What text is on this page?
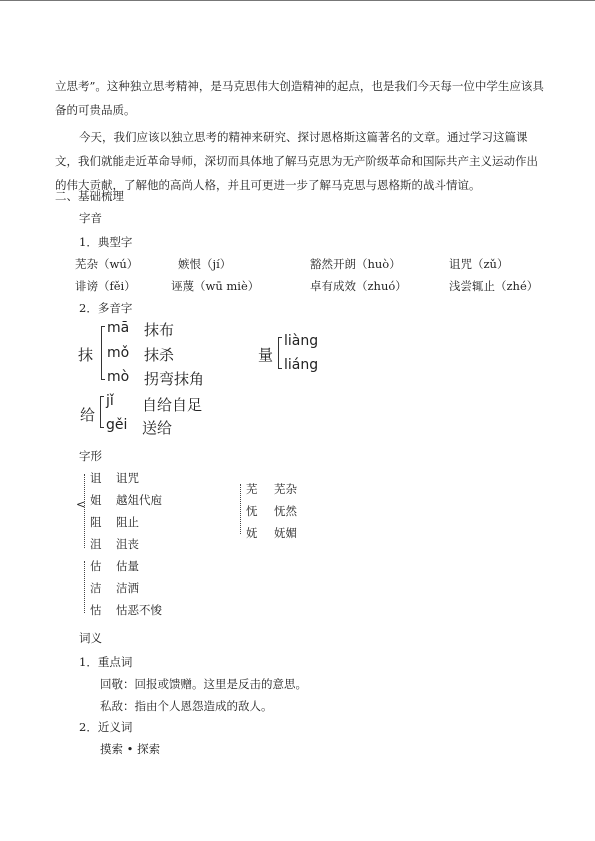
立思考”。这种独立思考精神，是马克思伟大创造精神的起点，也是我们今天每一位中学生应该具备的可贵品质。

今天，我们应该以独立思考的精神来研究、探讨恩格斯这篇著名的文章。通过学习这篇课文，我们就能走近革命导师，深切而具体地了解马克思为无产阶级革命和国际共产主义运动作出的伟大贡献，了解他的高尚人格，并且可更进一步了解马克思与恩格斯的战斗情谊。

二、基础梳理
字音
1．典型字
芜杂（wú）	嫉恨（jí）	豁然开朗（huò）	诅咒（zǔ）
诽谤（fěi）	诬蔑（wū miè）	卓有成效（zhuó）	浅尝辄止（zhé）
2．多音字
抹
mā 抹布
mǒ 抹杀
mò 拐弯抹角
量
liàng
liáng
给
jǐ 自给自足
gěi 送给
字形
<
诅 诅咒
姐 越俎代庖
阻 阻止
沮 沮丧
芜 芜杂
怃 怃然
妩 妩媚
估 估量
洁 洁洒
怙 怙恶不悛
词义
1．重点词
回敬：回报或馈赠。这里是反击的意思。
私敌：指由个人恩怨造成的敌人。
2．近义词
摸索 • 探索
